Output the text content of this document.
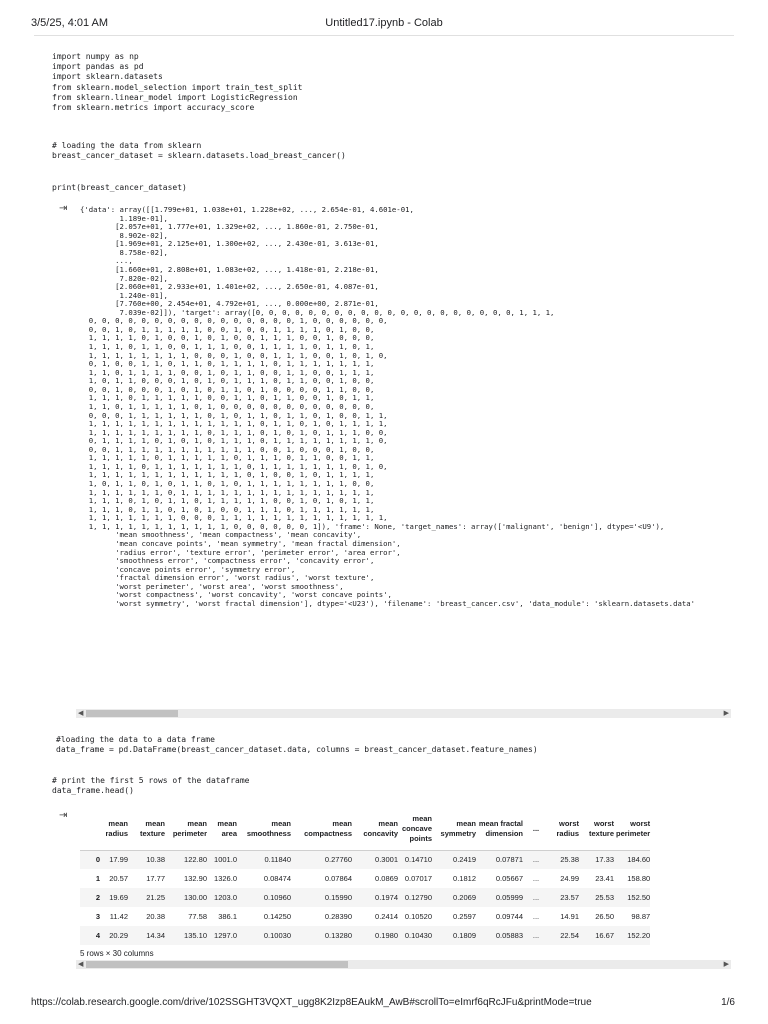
3/5/25, 4:01 AM	Untitled17.ipynb - Colab
import numpy as np
import pandas as pd
import sklearn.datasets
from sklearn.model_selection import train_test_split
from sklearn.linear_model import LogisticRegression
from sklearn.metrics import accuracy_score
# loading the data from sklearn
breast_cancer_dataset = sklearn.datasets.load_breast_cancer()
print(breast_cancer_dataset)
⇥ {'data': array([[1.799e+01, 1.038e+01, 1.228e+02, ..., 2.654e-01, 4.601e-01,
1.189e-01],
[2.057e+01, 1.777e+01, 1.329e+02, ..., 1.860e-01, 2.750e-01,
8.902e-02],
[1.969e+01, 2.125e+01, 1.300e+02, ..., 2.430e-01, 3.613e-01,
8.758e-02],
...,
[1.660e+01, 2.808e+01, 1.083e+02, ..., 1.418e-01, 2.218e-01,
7.820e-02],
[2.060e+01, 2.933e+01, 1.401e+02, ..., 2.650e-01, 4.087e-01,
1.240e-01],
[7.760e+00, 2.454e+01, 4.792e+01, ..., 0.000e+00, 2.871e-01,
7.039e-02]]), 'target': array([0, 0, 0, 0, 0, 0, 0, 0, 0, 0, 0, 0, 0, 0, 0, 0, 0, 0, 0, 0, 1, 1, 1,
0, 0, 0, 0, 0, 0, 0, 0, 0, 0, 0, 0, 0, 0, 0, 0, 1, 0, 0, 0, 0, 0, 0,
0, 0, 1, 0, 1, 1, 1, 1, 1, 0, 0, 1, 0, 0, 1, 1, 1, 1, 0, 1, 0, 0,
1, 1, 1, 1, 0, 1, 0, 0, 1, 0, 1, 0, 0, 1, 1, 1, 0, 0, 1, 0, 0, 0,
1, 1, 1, 0, 1, 1, 0, 0, 1, 1, 1, 0, 0, 1, 1, 1, 1, 0, 1, 1, 0, 1,
1, 1, 1, 1, 1, 1, 1, 1, 0, 0, 0, 1, 0, 0, 1, 1, 1, 0, 0, 1, 0, 1, 0,
0, 1, 0, 0, 1, 1, 0, 1, 1, 0, 1, 1, 1, 1, 0, 1, 1, 1, 1, 1, 1, 1,
1, 1, 0, 1, 1, 1, 1, 0, 0, 1, 0, 1, 1, 0, 0, 1, 1, 0, 0, 1, 1, 1,
1, 0, 1, 1, 0, 0, 0, 1, 0, 1, 0, 1, 1, 1, 0, 1, 1, 0, 0, 1, 0, 0,
0, 0, 1, 0, 0, 0, 1, 0, 1, 0, 1, 1, 0, 1, 0, 0, 0, 0, 1, 1, 0, 0,
1, 1, 1, 0, 1, 1, 1, 1, 1, 0, 0, 1, 1, 0, 1, 1, 0, 0, 1, 0, 1, 1,
1, 1, 0, 1, 1, 1, 1, 1, 0, 1, 0, 0, 0, 0, 0, 0, 0, 0, 0, 0, 0, 0,
0, 0, 0, 1, 1, 1, 1, 1, 1, 0, 1, 0, 1, 1, 0, 1, 1, 0, 1, 0, 0, 1, 1,
1, 1, 1, 1, 1, 1, 1, 1, 1, 1, 1, 1, 1, 0, 1, 1, 0, 1, 0, 1, 1, 1, 1,
1, 1, 1, 1, 1, 1, 1, 1, 1, 0, 1, 1, 1, 0, 1, 0, 1, 0, 1, 1, 1, 0, 0,
0, 1, 1, 1, 1, 0, 1, 0, 1, 0, 1, 1, 1, 0, 1, 1, 1, 1, 1, 1, 1, 1, 0,
0, 0, 1, 1, 1, 1, 1, 1, 1, 1, 1, 1, 1, 0, 0, 1, 0, 0, 0, 1, 0, 0,
1, 1, 1, 1, 1, 0, 1, 1, 1, 1, 1, 0, 1, 1, 1, 0, 1, 1, 0, 0, 1, 1,
1, 1, 1, 1, 0, 1, 1, 1, 1, 1, 1, 1, 0, 1, 1, 1, 1, 1, 1, 1, 0, 1, 0,
1, 1, 1, 1, 1, 1, 1, 1, 1, 1, 1, 1, 0, 1, 0, 0, 1, 0, 1, 1, 1, 1,
1, 0, 1, 1, 0, 1, 0, 1, 1, 0, 1, 0, 1, 1, 1, 1, 1, 1, 1, 1, 0, 0,
1, 1, 1, 1, 1, 1, 0, 1, 1, 1, 1, 1, 1, 1, 1, 1, 1, 1, 1, 1, 1, 1,
1, 1, 1, 0, 1, 0, 1, 1, 0, 1, 1, 1, 1, 1, 0, 0, 1, 0, 1, 0, 1, 1,
1, 1, 1, 0, 1, 1, 0, 1, 0, 1, 0, 0, 1, 1, 1, 0, 1, 1, 1, 1, 1, 1,
1, 1, 1, 1, 1, 1, 1, 0, 0, 0, 1, 1, 1, 1, 1, 1, 1, 1, 1, 1, 1, 1, 1,
1, 1, 1, 1, 1, 1, 1, 1, 1, 1, 1, 0, 0, 0, 0, 0, 0, 1]), 'frame': None, 'target_names': array(['malignant', 'benign'], dtype='<U9'),
'mean smoothness', 'mean compactness', 'mean concavity',
'mean concave points', 'mean symmetry', 'mean fractal dimension',
'radius error', 'texture error', 'perimeter error', 'area error',
'smoothness error', 'compactness error', 'concavity error',
'concave points error', 'symmetry error',
'fractal dimension error', 'worst radius', 'worst texture',
'worst perimeter', 'worst area', 'worst smoothness',
'worst compactness', 'worst concavity', 'worst concave points',
'worst symmetry', 'worst fractal dimension'], dtype='<U23'), 'filename': 'breast_cancer.csv', 'data_module': 'sklearn.datasets.data'
◀	▶
#loading the data to a data frame
data_frame = pd.DataFrame(breast_cancer_dataset.data, columns = breast_cancer_dataset.feature_names)
# print the first 5 rows of the dataframe
data_frame.head()
⇥
	mean radius	mean texture	mean perimeter	mean area	mean smoothness	mean compactness	mean concavity	mean concave points	mean symmetry	mean fractal dimension	...	worst radius	worst texture	worst perimeter
0	17.99	10.38	122.80	1001.0	0.11840	0.27760	0.3001	0.14710	0.2419	0.07871	...	25.38	17.33	184.60
1	20.57	17.77	132.90	1326.0	0.08474	0.07864	0.0869	0.07017	0.1812	0.05667	...	24.99	23.41	158.80
2	19.69	21.25	130.00	1203.0	0.10960	0.15990	0.1974	0.12790	0.2069	0.05999	...	23.57	25.53	152.50
3	11.42	20.38	77.58	386.1	0.14250	0.28390	0.2414	0.10520	0.2597	0.09744	...	14.91	26.50	98.87
4	20.29	14.34	135.10	1297.0	0.10030	0.13280	0.1980	0.10430	0.1809	0.05883	...	22.54	16.67	152.20
5 rows × 30 columns
◀	▶
https://colab.research.google.com/drive/102SSGHT3VQXT_ugg8K2Izp8EAukM_AwB#scrollTo=eImrf6qRcJFu&printMode=true	1/6
